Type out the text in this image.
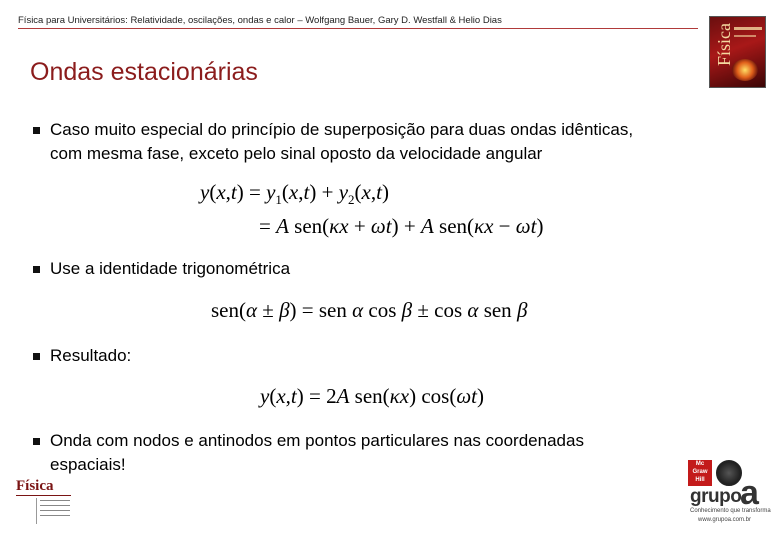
Física para Universitários: Relatividade, oscilações, ondas e calor – Wolfgang Bauer, Gary D. Westfall & Helio Dias
Física
Ondas estacionárias
Caso muito especial do princípio de superposição para duas ondas idênticas,
com mesma fase, exceto pelo sinal oposto da velocidade angular
$y(x,t) = y_1(x,t) + y_2(x,t)$
= A sen(κx + ωt) + A sen(κx − ωt)
Use a identidade trigonométrica
sen(α ± β) = sen α cos β ± cos α sen β
Resultado:
y(x,t) = 2A sen(κx) cos(ωt)
Onda com nodos e antinodos em pontos particulares nas coordenadas
espaciais!
Física
Mc Graw Hill
grupo
a
Conhecimento que transforma
www.grupoa.com.br
